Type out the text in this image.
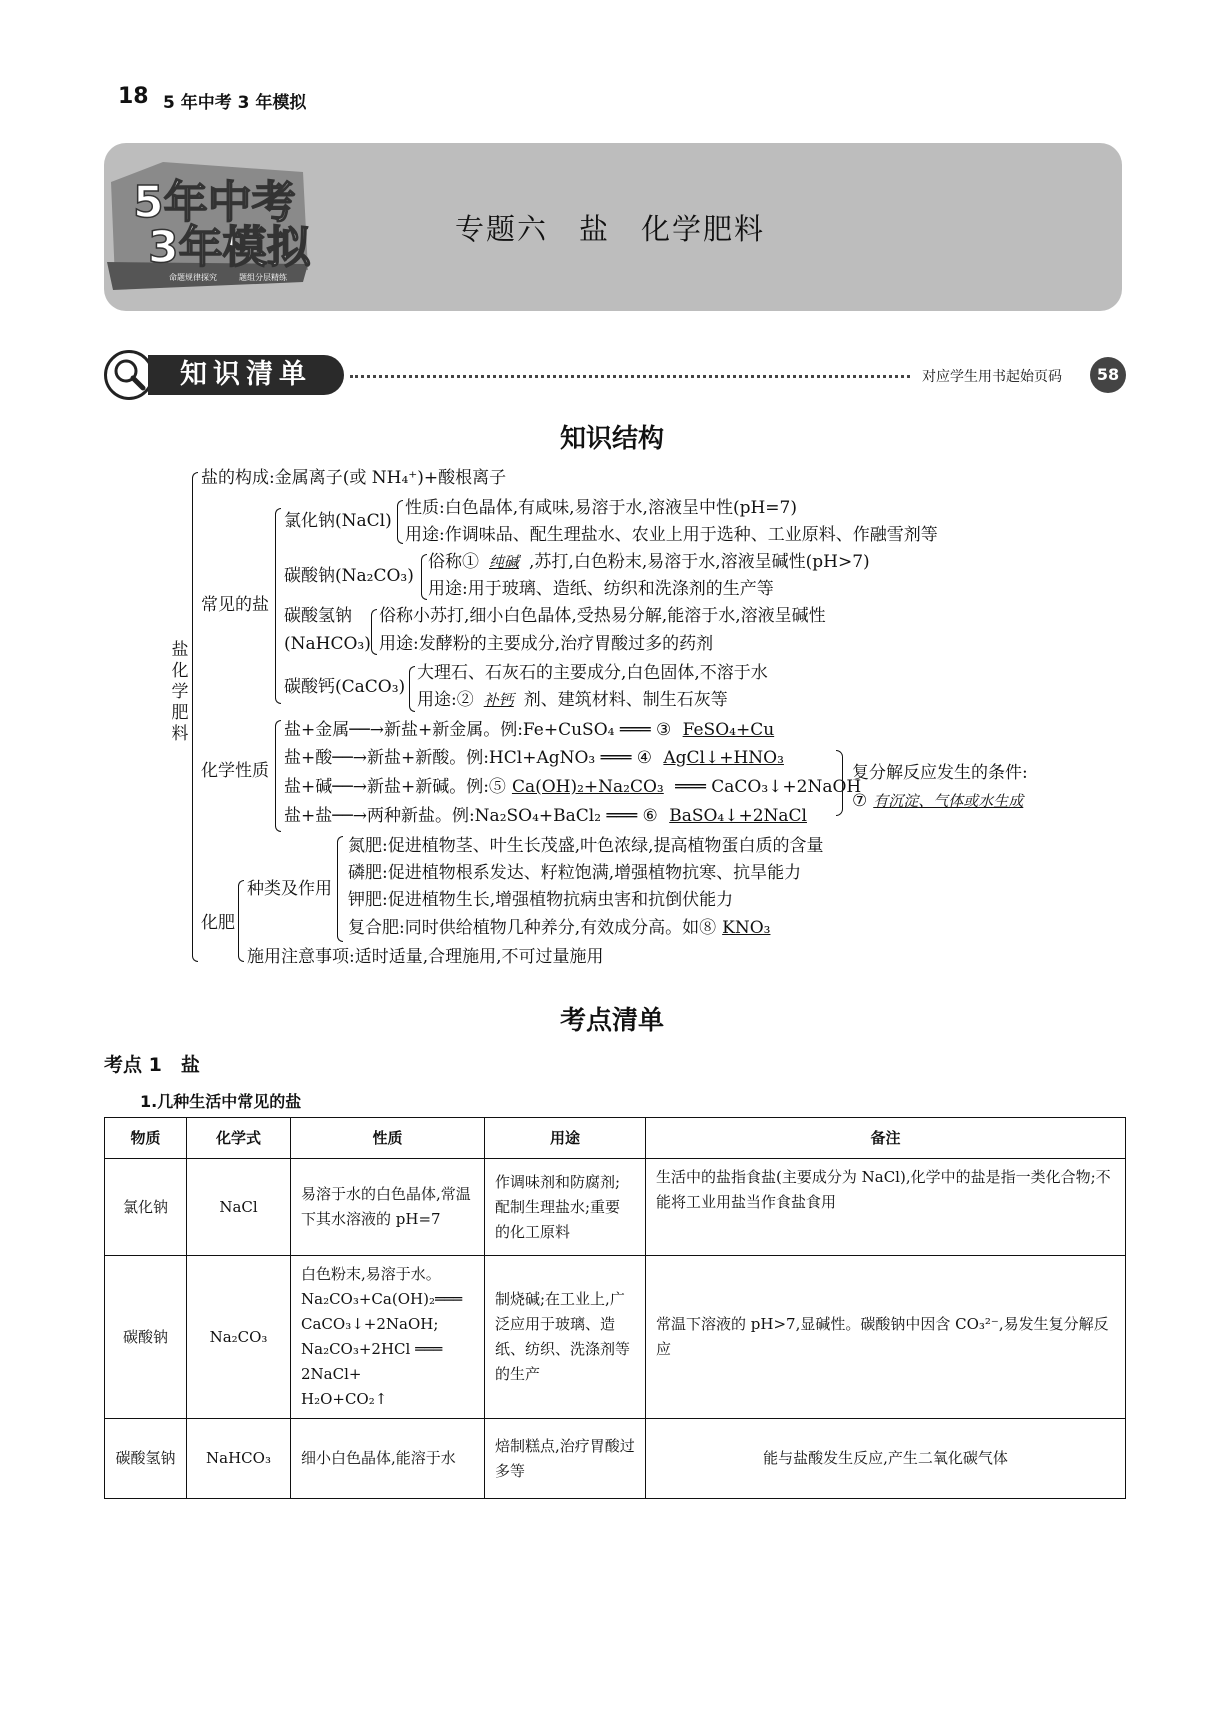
18 5 年中考 3 年模拟
5年中考
3年模拟
命题规律探究	题组分层精练
专题六　盐　化学肥料
知识清单	对应学生用书起始页码	58
知识结构
盐　化学肥料
盐的构成:金属离子(或 NH₄⁺)+酸根离子
常见的盐
氯化钠(NaCl)
性质:白色晶体,有咸味,易溶于水,溶液呈中性(pH=7)
用途:作调味品、配生理盐水、农业上用于选种、工业原料、作融雪剂等
碳酸钠(Na₂CO₃)
俗称① 纯碱 ,苏打,白色粉末,易溶于水,溶液呈碱性(pH>7)
用途:用于玻璃、造纸、纺织和洗涤剂的生产等
碳酸氢钠
(NaHCO₃)
俗称小苏打,细小白色晶体,受热易分解,能溶于水,溶液呈碱性
用途:发酵粉的主要成分,治疗胃酸过多的药剂
碳酸钙(CaCO₃)
大理石、石灰石的主要成分,白色固体,不溶于水
用途:② 补钙 剂、建筑材料、制生石灰等
化学性质
盐+金属──→新盐+新金属。例:Fe+CuSO₄ ═══ ③ FeSO₄+Cu
盐+酸──→新盐+新酸。例:HCl+AgNO₃ ═══ ④ AgCl↓+HNO₃
盐+碱──→新盐+新碱。例:⑤ Ca(OH)₂+Na₂CO₃ ═══ CaCO₃↓+2NaOH
盐+盐──→两种新盐。例:Na₂SO₄+BaCl₂ ═══ ⑥ BaSO₄↓+2NaCl
复分解反应发生的条件:
⑦ 有沉淀、气体或水生成
化肥
种类及作用
氮肥:促进植物茎、叶生长茂盛,叶色浓绿,提高植物蛋白质的含量
磷肥:促进植物根系发达、籽粒饱满,增强植物抗寒、抗旱能力
钾肥:促进植物生长,增强植物抗病虫害和抗倒伏能力
复合肥:同时供给植物几种养分,有效成分高。如⑧ KNO₃
施用注意事项:适时适量,合理施用,不可过量施用
考点清单
考点 1　盐
1.几种生活中常见的盐
物质	化学式	性质	用途	备注
氯化钠	NaCl	易溶于水的白色晶体,常温下其水溶液的 pH=7	作调味剂和防腐剂;配制生理盐水;重要的化工原料	生活中的盐指食盐(主要成分为 NaCl),化学中的盐是指一类化合物;不能将工业用盐当作食盐食用
碳酸钠	Na₂CO₃	白色粉末,易溶于水。
Na₂CO₃+Ca(OH)₂═══
CaCO₃↓+2NaOH;
Na₂CO₃+2HCl ═══ 2NaCl+
H₂O+CO₂↑	制烧碱;在工业上,广泛应用于玻璃、造纸、纺织、洗涤剂等的生产	常温下溶液的 pH>7,显碱性。碳酸钠中因含 CO₃²⁻,易发生复分解反应
碳酸氢钠	NaHCO₃	细小白色晶体,能溶于水	焙制糕点,治疗胃酸过多等	能与盐酸发生反应,产生二氧化碳气体
